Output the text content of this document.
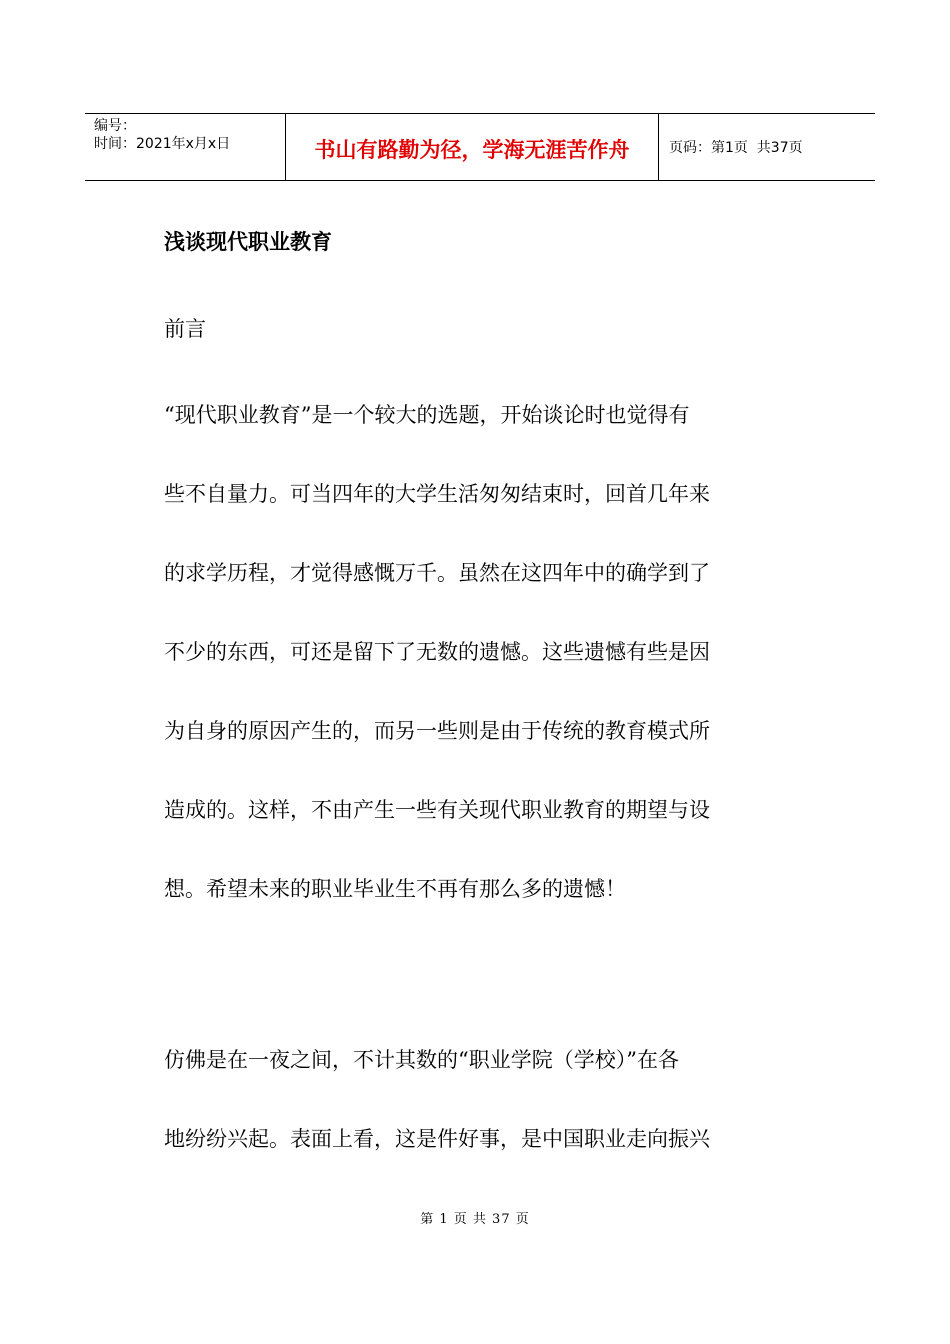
编号：
时间：2021年x月x日	书山有路勤为径，学海无涯苦作舟	页码：第1页  共37页
浅谈现代职业教育
前言
“现代职业教育”是一个较大的选题，开始谈论时也觉得有
些不自量力。可当四年的大学生活匆匆结束时，回首几年来
的求学历程，才觉得感慨万千。虽然在这四年中的确学到了
不少的东西，可还是留下了无数的遗憾。这些遗憾有些是因
为自身的原因产生的，而另一些则是由于传统的教育模式所
造成的。这样，不由产生一些有关现代职业教育的期望与设
想。希望未来的职业毕业生不再有那么多的遗憾！
仿佛是在一夜之间，不计其数的“职业学院（学校）”在各
地纷纷兴起。表面上看，这是件好事，是中国职业走向振兴
第 1 页 共 37 页
